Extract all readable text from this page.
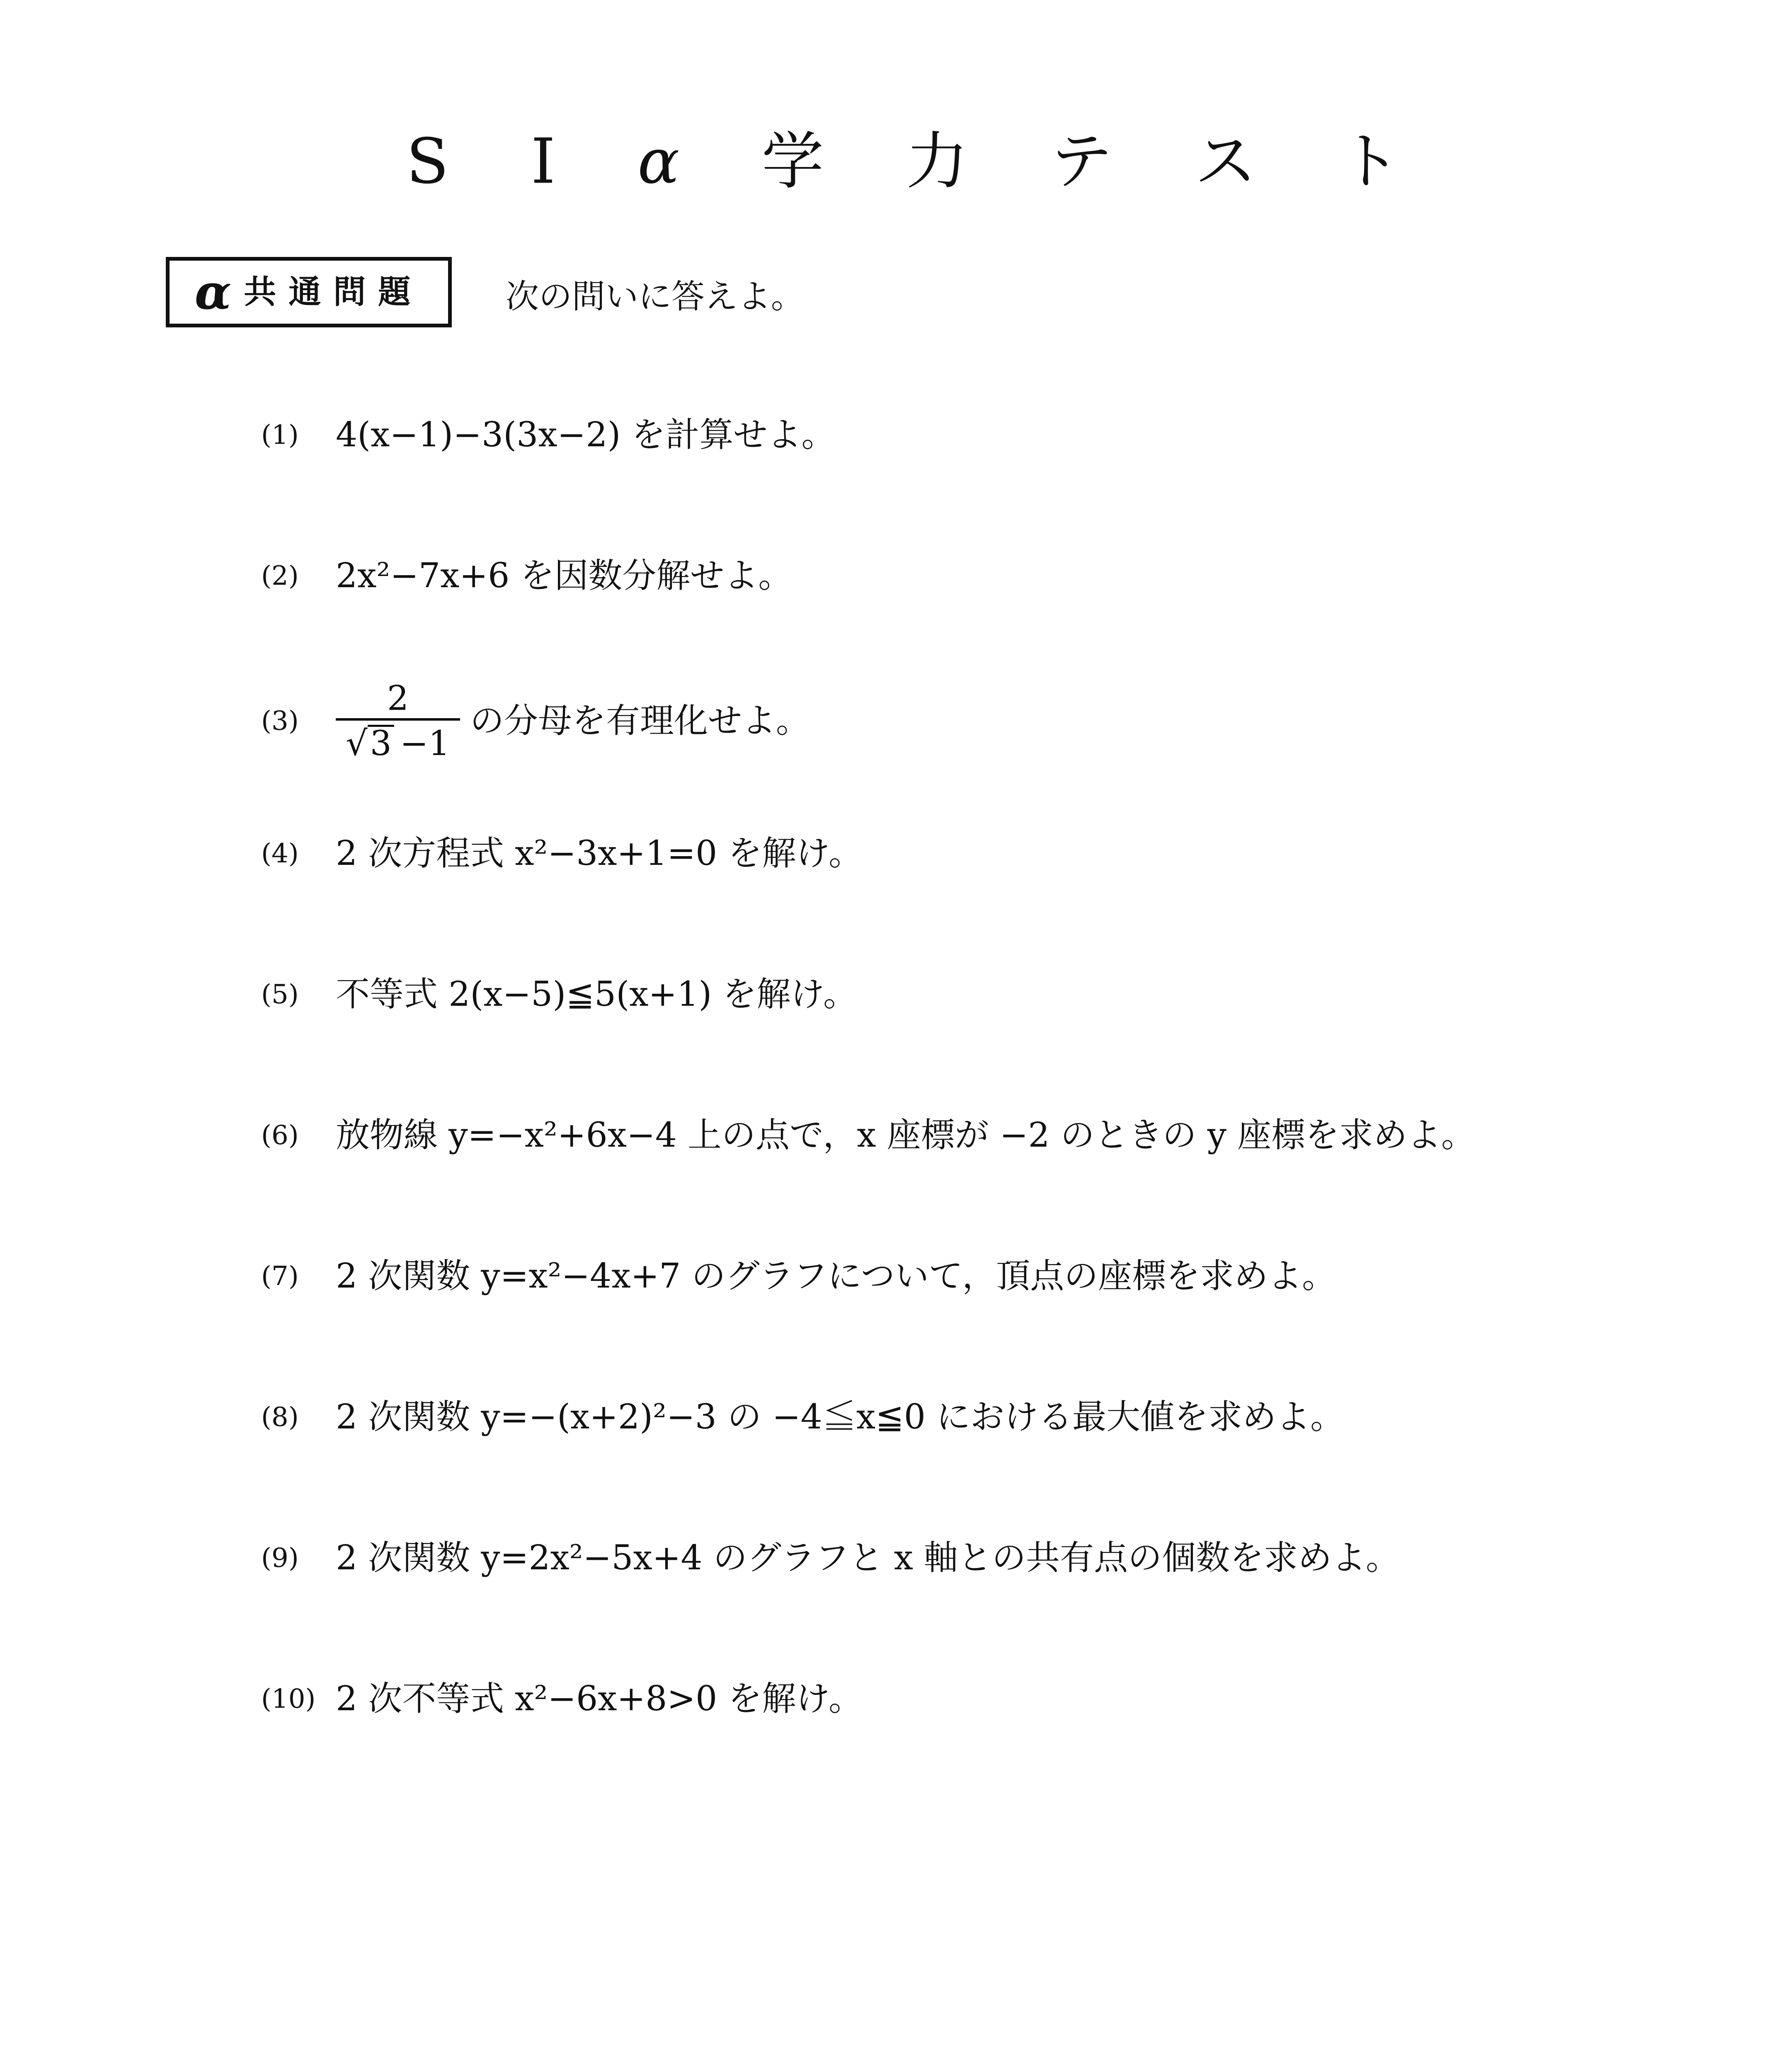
S I α 学 力 テ ス ト
α 共通問題 次の問いに答えよ。
(1)	4(x−1)−3(3x−2) を計算せよ。
(2)	2x²−7x+6 を因数分解せよ。
(3)	$\frac{2}{√ 3 -1}$ の分母を有理化せよ。
(4)	2 次方程式 x²−3x+1=0 を解け。
(5)	不等式 2(x−5)≦5(x+1) を解け。
(6)	放物線 y=−x²+6x−4 上の点で，x 座標が −2 のときの y 座標を求めよ。
(7)	2 次関数 y=x²−4x+7 のグラフについて，頂点の座標を求めよ。
(8)	2 次関数 y=−(x+2)²−3 の −4≦x≦0 における最大値を求めよ。
(9)	2 次関数 y=2x²−5x+4 のグラフと x 軸との共有点の個数を求めよ。
(10) 2 次不等式 x²−6x+8>0 を解け。
